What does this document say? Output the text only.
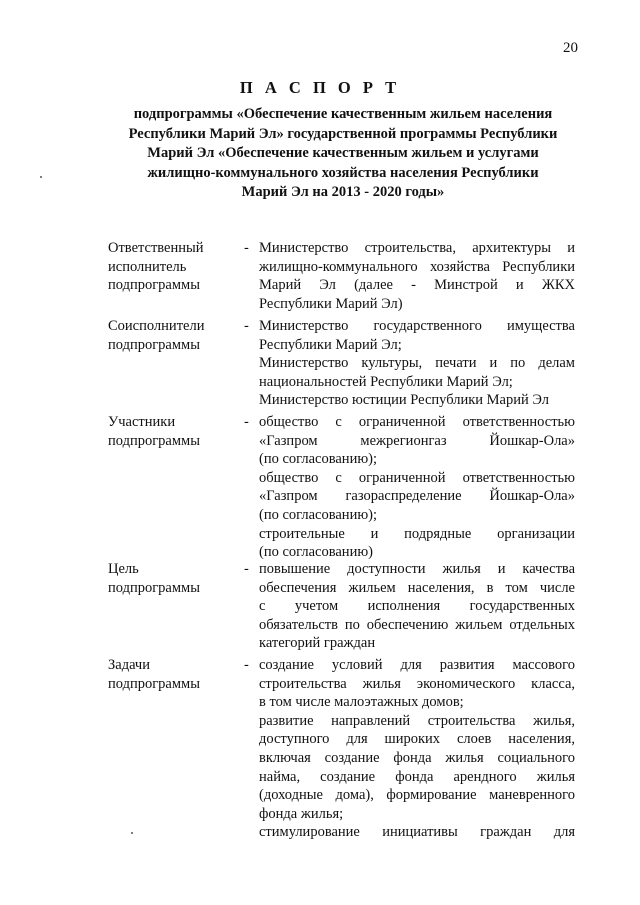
20
П А С П О Р Т
подпрограммы «Обеспечение качественным жильем населения
Республики Марий Эл» государственной программы Республики
Марий Эл «Обеспечение качественным жильем и услугами
жилищно-коммунального хозяйства населения Республики
Марий Эл на 2013 - 2020 годы»
Ответственный
исполнитель
подпрограммы
- Министерство строительства, архитектуры и
жилищно-коммунального хозяйства Республики
Марий Эл (далее - Минстрой и ЖКХ
Республики Марий Эл)
Соисполнители
подпрограммы
- Министерство государственного имущества
Республики Марий Эл;
Министерство культуры, печати и по делам
национальностей Республики Марий Эл;
Министерство юстиции Республики Марий Эл
Участники
подпрограммы
- общество с ограниченной ответственностью
«Газпром межрегионгаз Йошкар-Ола»
(по согласованию);
общество с ограниченной ответственностью
«Газпром газораспределение Йошкар-Ола»
(по согласованию);
строительные и подрядные организации
(по согласованию)
Цель
подпрограммы
- повышение доступности жилья и качества
обеспечения жильем населения, в том числе
с учетом исполнения государственных
обязательств по обеспечению жильем отдельных
категорий граждан
Задачи
подпрограммы
- создание условий для развития массового
строительства жилья экономического класса,
в том числе малоэтажных домов;
развитие направлений строительства жилья,
доступного для широких слоев населения,
включая создание фонда жилья социального
найма, создание фонда арендного жилья
(доходные дома), формирование маневренного
фонда жилья;
стимулирование инициативы граждан для
